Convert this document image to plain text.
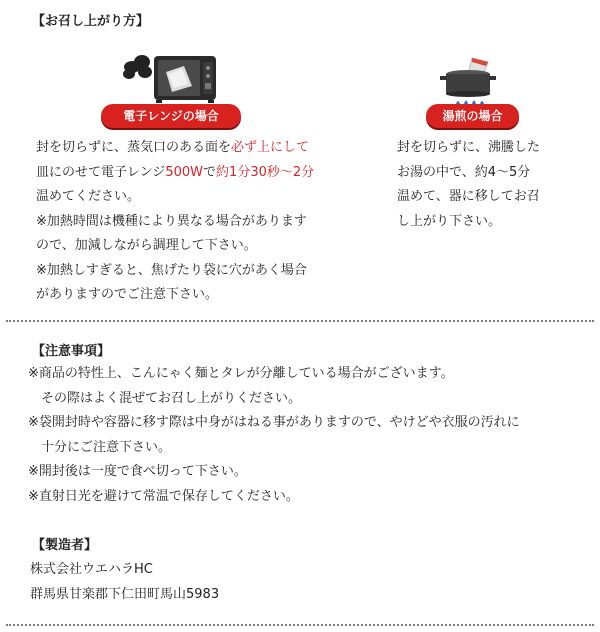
【お召し上がり方】
電子レンジの場合	湯煎の場合
封を切らずに、蒸気口のある面を必ず上にして
皿にのせて電子レンジ500Wで約1分30秒〜2分
温めてください。
※加熱時間は機種により異なる場合があります
ので、加減しながら調理して下さい。
※加熱しすぎると、焦げたり袋に穴があく場合
がありますのでご注意下さい。
封を切らずに、沸騰した
お湯の中で、約4〜5分
温めて、器に移してお召
し上がり下さい。
【注意事項】
※商品の特性上、こんにゃく麺とタレが分離している場合がございます。
　その際はよく混ぜてお召し上がりください。
※袋開封時や容器に移す際は中身がはねる事がありますので、やけどや衣服の汚れに
　十分にご注意下さい。
※開封後は一度で食べ切って下さい。
※直射日光を避けて常温で保存してください。
【製造者】
株式会社ウエハラHC
群馬県甘楽郡下仁田町馬山5983
